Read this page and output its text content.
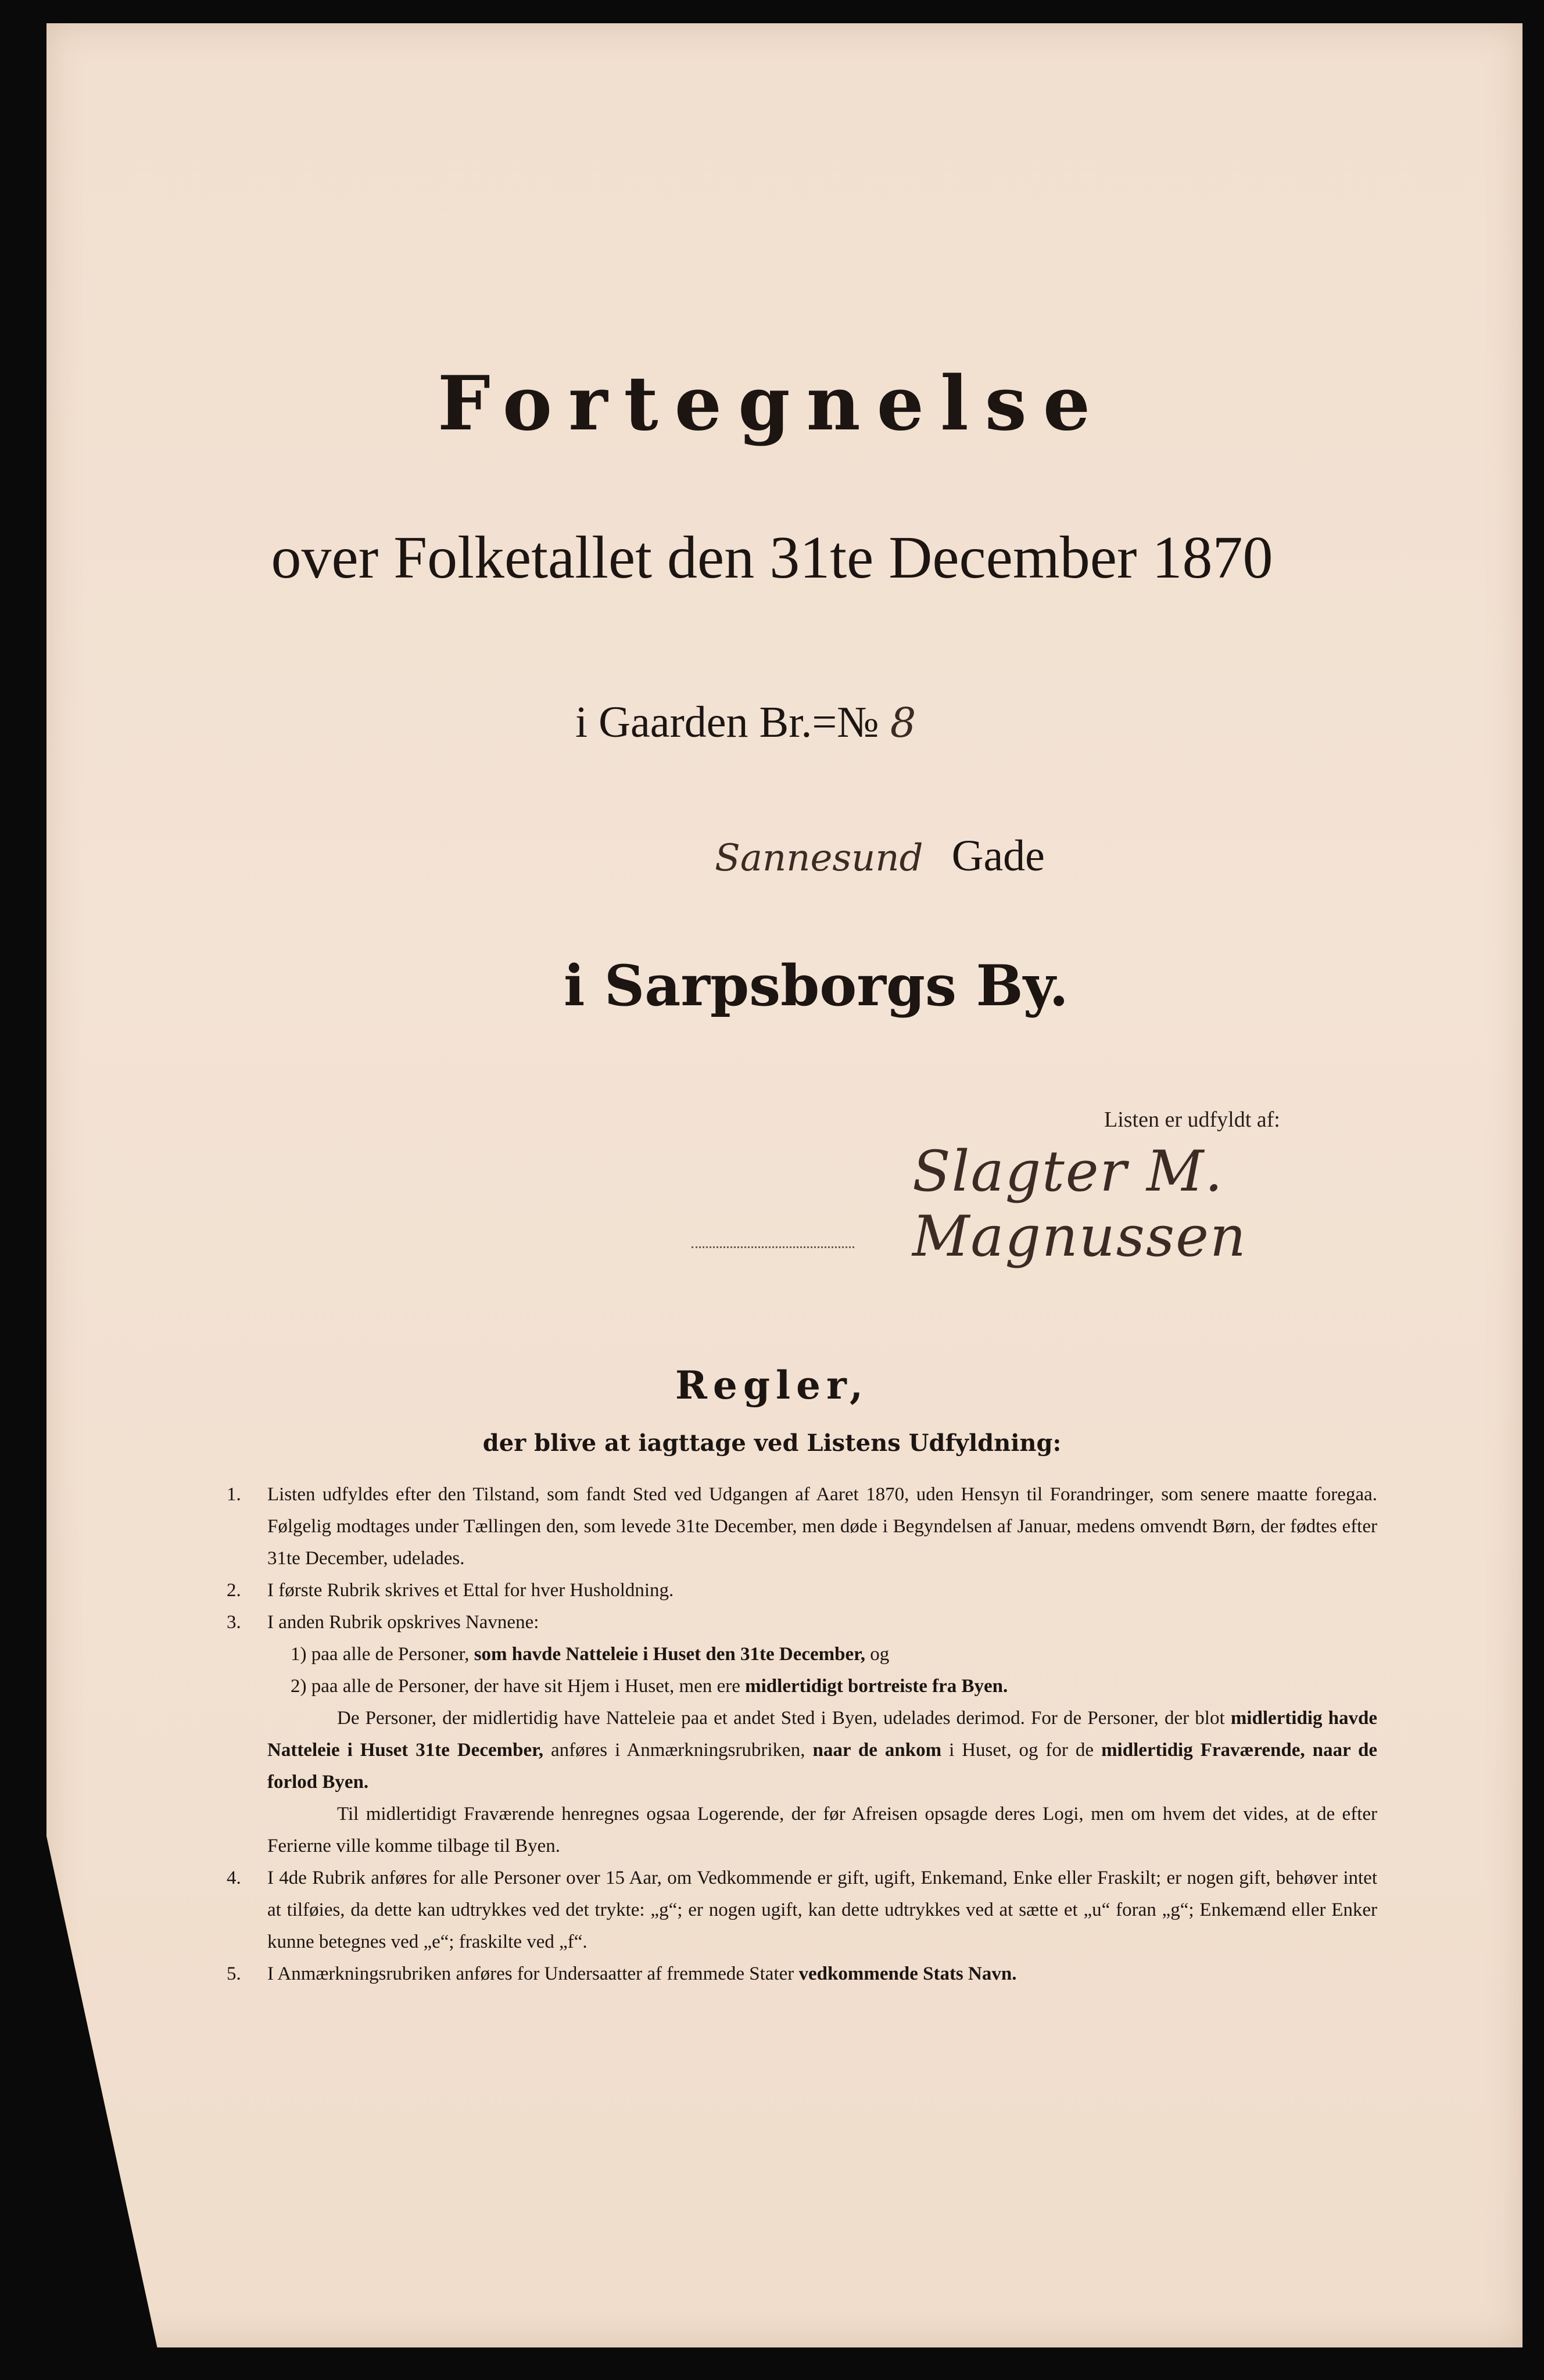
Fortegnelse
over Folketallet den 31te December 1870
i Gaarden Br.=№ 8
Sannesund Gade
i Sarpsborgs By.
Listen er udfyldt af:
Slagter M. Magnussen
Regler,
der blive at iagttage ved Listens Udfyldning:
1.	Listen udfyldes efter den Tilstand, som fandt Sted ved Udgangen af Aaret 1870, uden Hensyn til Forandringer, som senere maatte foregaa. Følgelig modtages under Tællingen den, som levede 31te December, men døde i Begyndelsen af Januar, medens omvendt Børn, der fødtes efter 31te December, udelades.
2.	I første Rubrik skrives et Ettal for hver Husholdning.
3.	I anden Rubrik opskrives Navnene:
1) paa alle de Personer, som havde Natteleie i Huset den 31te December, og
2) paa alle de Personer, der have sit Hjem i Huset, men ere midlertidigt bortreiste fra Byen.
De Personer, der midlertidig have Natteleie paa et andet Sted i Byen, udelades derimod. For de Personer, der blot midlertidig havde Natteleie i Huset 31te December, anføres i Anmærkningsrubriken, naar de ankom i Huset, og for de midlertidig Fraværende, naar de forlod Byen.
Til midlertidigt Fraværende henregnes ogsaa Logerende, der før Afreisen opsagde deres Logi, men om hvem det vides, at de efter Ferierne ville komme tilbage til Byen.
4.	I 4de Rubrik anføres for alle Personer over 15 Aar, om Vedkommende er gift, ugift, Enkemand, Enke eller Fraskilt; er nogen gift, behøver intet at tilføies, da dette kan udtrykkes ved det trykte: „g“; er nogen ugift, kan dette udtrykkes ved at sætte et „u“ foran „g“; Enkemænd eller Enker kunne betegnes ved „e“; fraskilte ved „f“.
5.	I Anmærkningsrubriken anføres for Undersaatter af fremmede Stater vedkommende Stats Navn.
